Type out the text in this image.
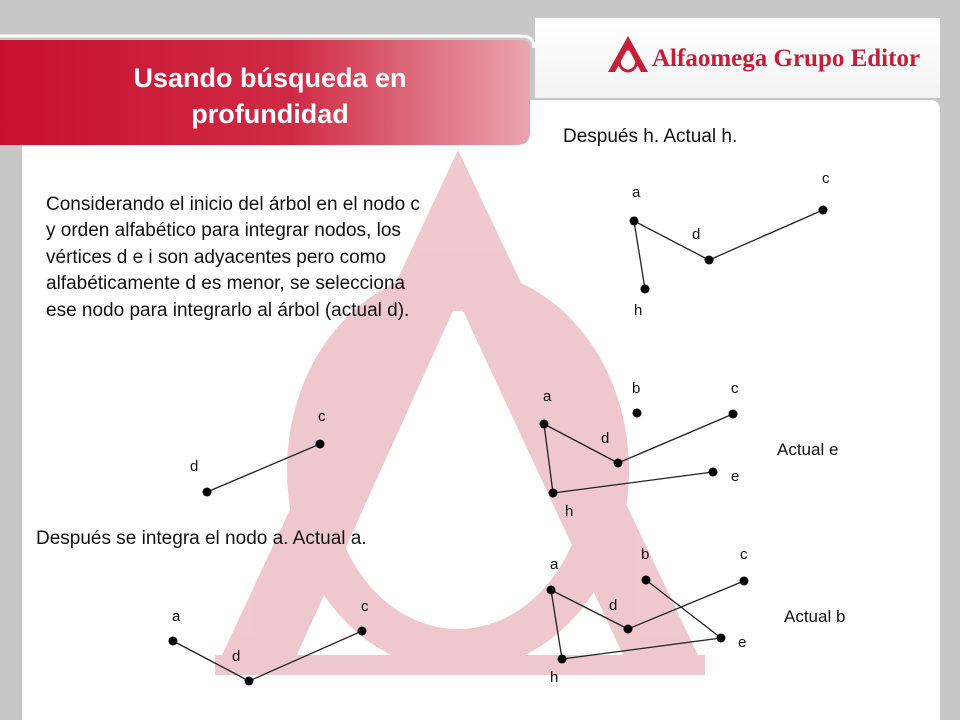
Alfaomega Grupo Editor
Usando búsqueda en
profundidad
Considerando el inicio del árbol en el nodo c
y orden alfabético para integrar nodos, los
vértices d e i son adyacentes pero como
alfabéticamente d es menor, se selecciona
ese nodo para integrarlo al árbol (actual d).
Después h. Actual h.
Después se integra el nodo a. Actual a.
Actual e
Actual b
d
c
a
d
c
a
c
d
h
a	b	c
d
e
h
a
b	c
d
e
h
